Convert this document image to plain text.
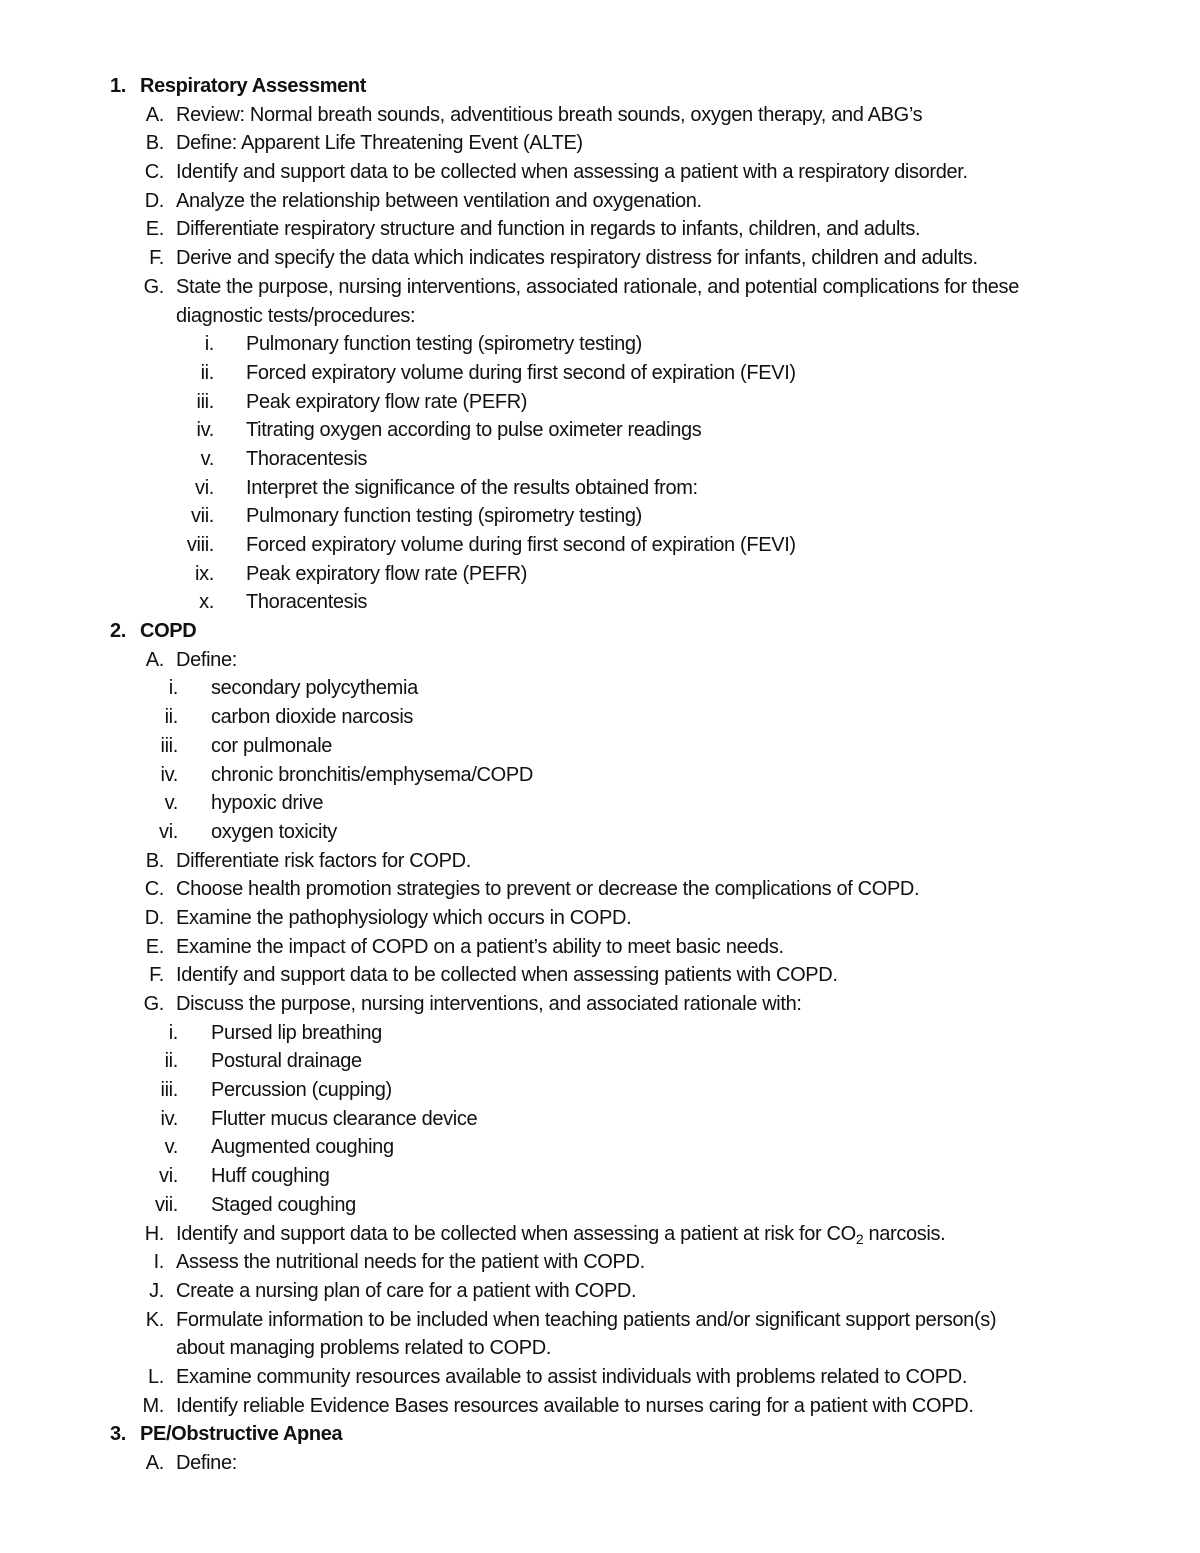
1. Respiratory Assessment
A. Review: Normal breath sounds, adventitious breath sounds, oxygen therapy, and ABG’s
B. Define: Apparent Life Threatening Event (ALTE)
C. Identify and support data to be collected when assessing a patient with a respiratory disorder.
D. Analyze the relationship between ventilation and oxygenation.
E. Differentiate respiratory structure and function in regards to infants, children, and adults.
F. Derive and specify the data which indicates respiratory distress for infants, children and adults.
G. State the purpose, nursing interventions, associated rationale, and potential complications for these
diagnostic tests/procedures:
i. Pulmonary function testing (spirometry testing)
ii. Forced expiratory volume during first second of expiration (FEVI)
iii. Peak expiratory flow rate (PEFR)
iv. Titrating oxygen according to pulse oximeter readings
v. Thoracentesis
vi. Interpret the significance of the results obtained from:
vii. Pulmonary function testing (spirometry testing)
viii. Forced expiratory volume during first second of expiration (FEVI)
ix. Peak expiratory flow rate (PEFR)
x. Thoracentesis
2. COPD
A. Define:
i. secondary polycythemia
ii. carbon dioxide narcosis
iii. cor pulmonale
iv. chronic bronchitis/emphysema/COPD
v. hypoxic drive
vi. oxygen toxicity
B. Differentiate risk factors for COPD.
C. Choose health promotion strategies to prevent or decrease the complications of COPD.
D. Examine the pathophysiology which occurs in COPD.
E. Examine the impact of COPD on a patient’s ability to meet basic needs.
F. Identify and support data to be collected when assessing patients with COPD.
G. Discuss the purpose, nursing interventions, and associated rationale with:
i. Pursed lip breathing
ii. Postural drainage
iii. Percussion (cupping)
iv. Flutter mucus clearance device
v. Augmented coughing
vi. Huff coughing
vii. Staged coughing
H. Identify and support data to be collected when assessing a patient at risk for $CO_2$ narcosis.
I. Assess the nutritional needs for the patient with COPD.
J. Create a nursing plan of care for a patient with COPD.
K. Formulate information to be included when teaching patients and/or significant support person(s)
about managing problems related to COPD.
L. Examine community resources available to assist individuals with problems related to COPD.
M. Identify reliable Evidence Bases resources available to nurses caring for a patient with COPD.
3. PE/Obstructive Apnea
A. Define:
